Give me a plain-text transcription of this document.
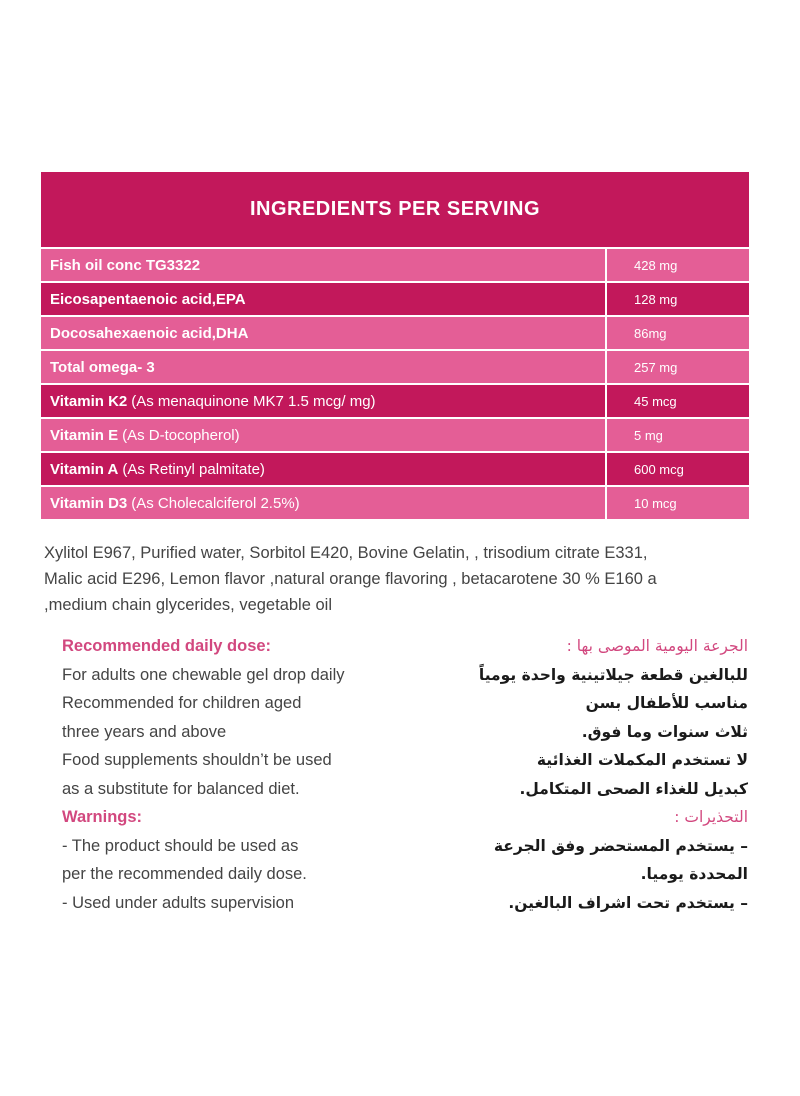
INGREDIENTS PER SERVING
Fish oil conc TG3322	428 mg
Eicosapentaenoic acid,EPA	128 mg
Docosahexaenoic acid,DHA	86mg
Total omega- 3	257 mg
Vitamin K2 (As menaquinone MK7 1.5 mcg/ mg)	45 mcg
Vitamin E (As D-tocopherol)	5 mg
Vitamin A (As Retinyl palmitate)	600 mcg
Vitamin D3 (As Cholecalciferol 2.5%)	10 mcg
Xylitol E967, Purified water, Sorbitol E420, Bovine Gelatin, , trisodium citrate E331,
Malic acid E296, Lemon flavor ,natural orange flavoring , betacarotene 30 % E160 a
,medium chain glycerides, vegetable oil
Recommended daily dose:
For adults one chewable gel drop daily
Recommended for children aged
three years and above
Food supplements shouldn’t be used
as a substitute for balanced diet.
Warnings:
- The product should be used as
per the recommended daily dose.
- Used under adults supervision
الجرعة اليومية الموصى بها :
للبالغين قطعة جيلاتينية واحدة يومياً
مناسب للأطفال بسن
ثلاث سنوات وما فوق.
لا تستخدم المكملات الغذائية
كبديل للغذاء الصحى المتكامل.
التحذيرات :
– يستخدم المستحضر وفق الجرعة
المحددة يوميا.
– يستخدم تحت اشراف البالغين.
